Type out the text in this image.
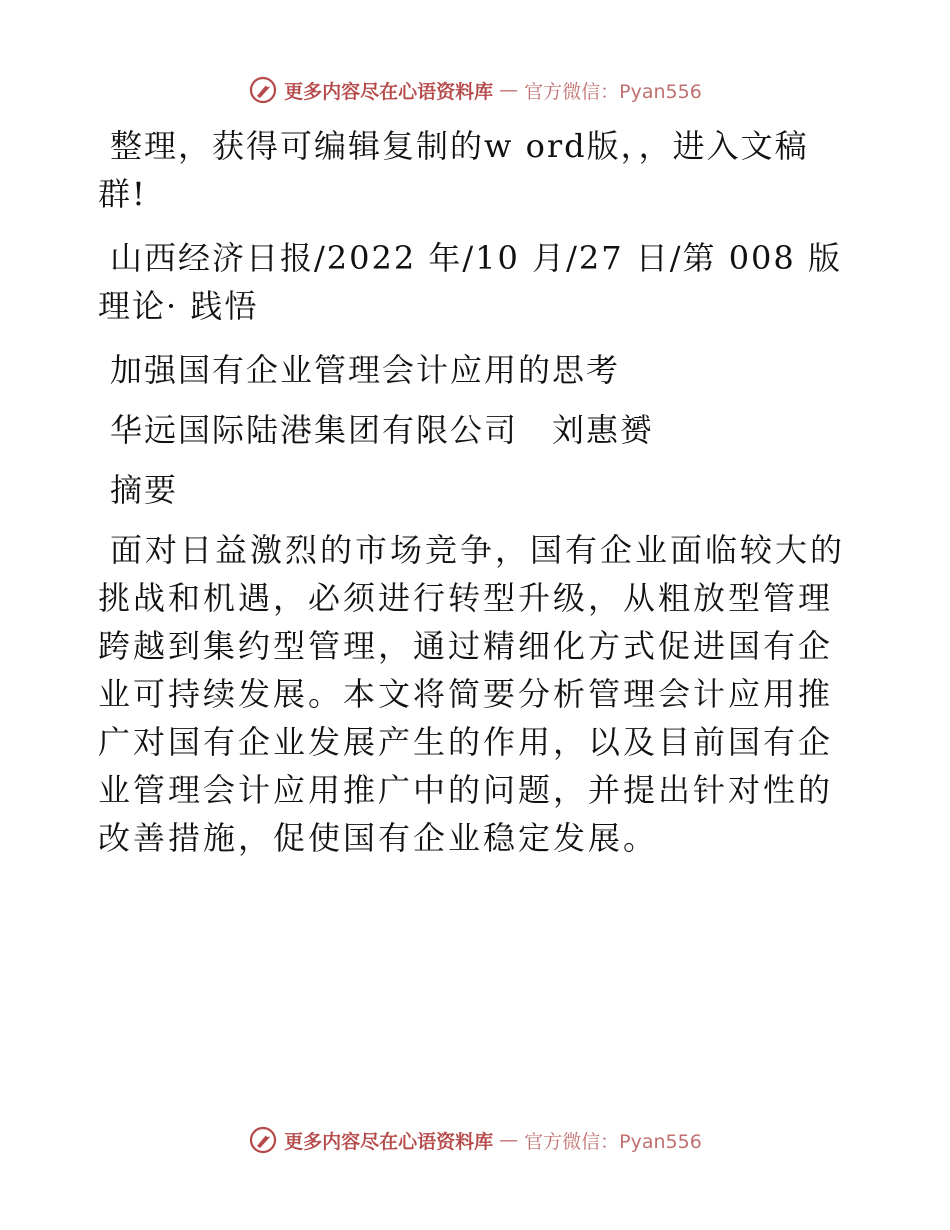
更多内容尽在心语资料库 — 官方微信：Pyan556

整理，获得可编辑复制的w ord版，，进入文稿群!

山西经济日报/2022 年/10 月/27 日/第 008 版理论· 践悟

加强国有企业管理会计应用的思考

华远国际陆港集团有限公司　刘惠赟

摘要

面对日益激烈的市场竞争，国有企业面临较大的挑战和机遇，必须进行转型升级，从粗放型管理跨越到集约型管理，通过精细化方式促进国有企业可持续发展。本文将简要分析管理会计应用推广对国有企业发展产生的作用，以及目前国有企业管理会计应用推广中的问题，并提出针对性的改善措施，促使国有企业稳定发展。

更多内容尽在心语资料库 — 官方微信：Pyan556
